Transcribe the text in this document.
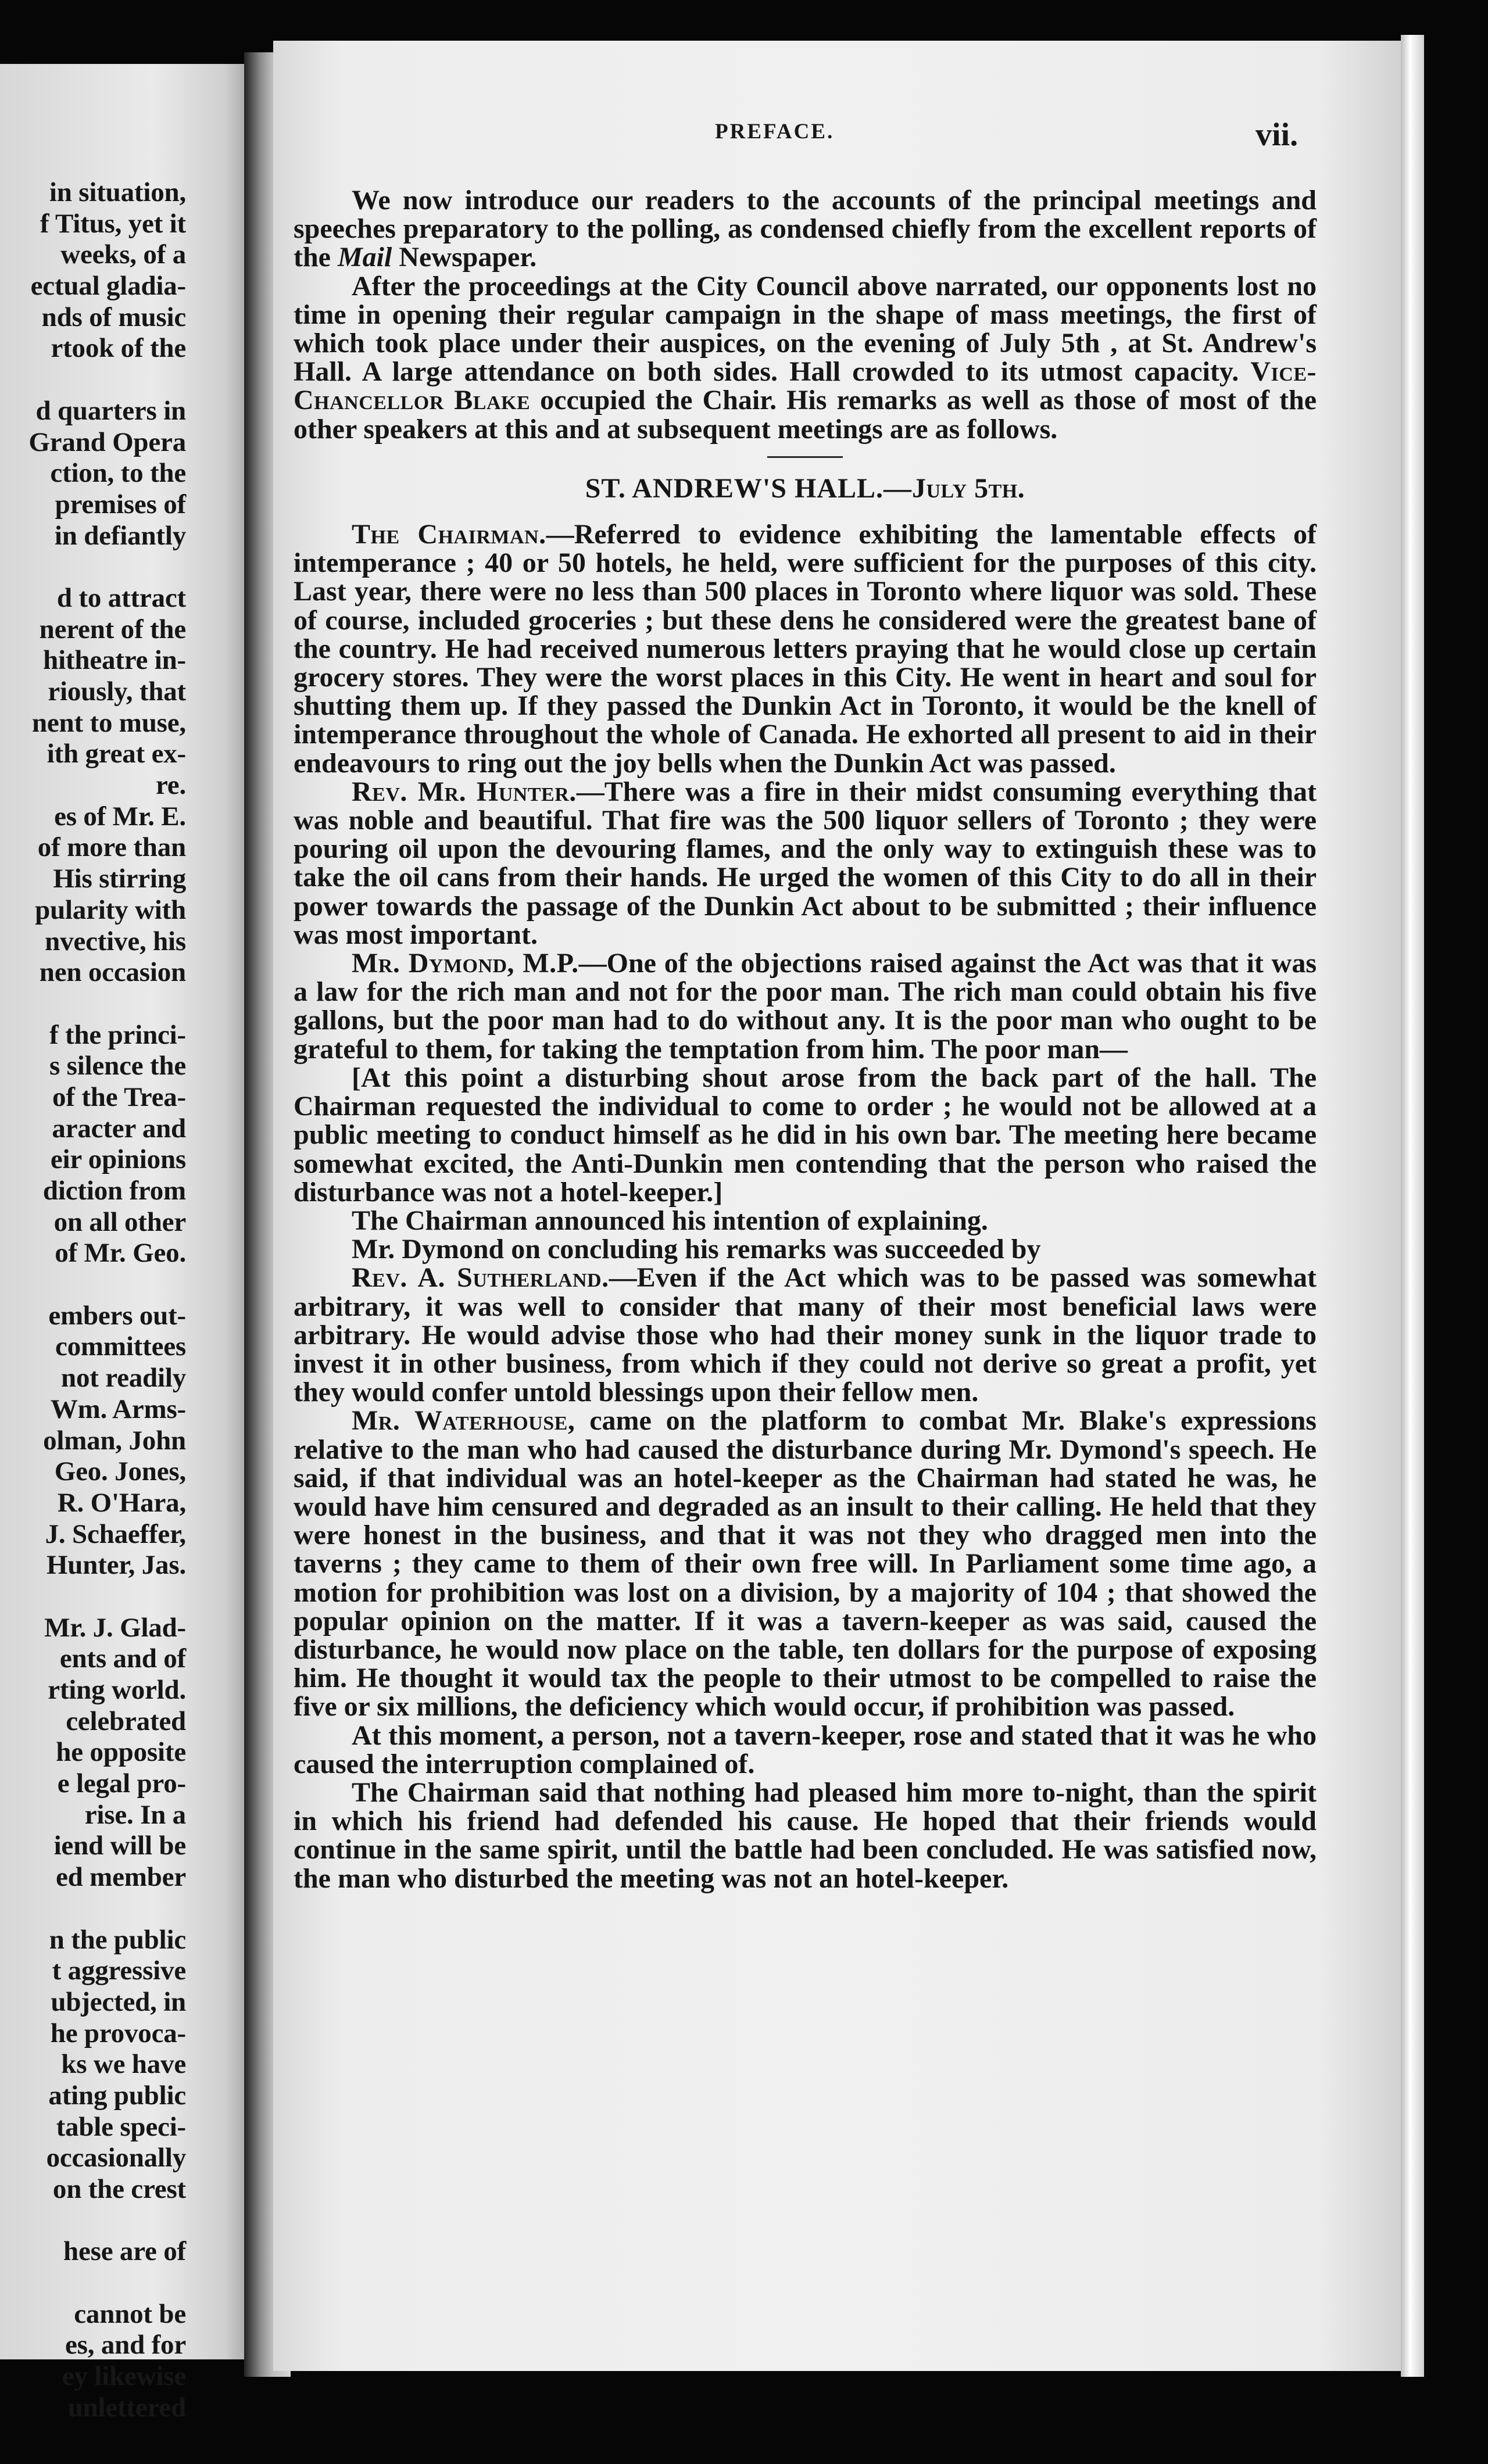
in situation,
f Titus, yet it
weeks, of a
ectual gladia-
nds of music
rtook of the
d quarters in
Grand Opera
ction, to the
premises of
in defiantly
d to attract
nerent of the
hitheatre in-
riously, that
nent to muse,
ith great ex-
re.
es of Mr. E.
of more than
His stirring
pularity with
nvective, his
nen occasion
f the princi-
s silence the
of the Trea-
aracter and
eir opinions
diction from
on all other
of Mr. Geo.
embers out-
committees
not readily
Wm. Arms-
olman, John
Geo. Jones,
R. O'Hara,
J. Schaeffer,
Hunter, Jas.
Mr. J. Glad-
ents and of
rting world.
celebrated
he opposite
e legal pro-
rise. In a
iend will be
ed member
n the public
t aggressive
ubjected, in
he provoca-
ks we have
ating public
table speci-
occasionally
on the crest
hese are of
cannot be
es, and for
ey likewise
unlettered
PREFACE.	vii.

We now introduce our readers to the accounts of the principal meetings and speeches preparatory to the polling, as condensed chiefly from the excellent reports of the Mail Newspaper.

After the proceedings at the City Council above narrated, our opponents lost no time in opening their regular campaign in the shape of mass meetings, the first of which took place under their auspices, on the evening of July 5th , at St. Andrew's Hall. A large attendance on both sides. Hall crowded to its utmost capacity. Vice-Chancellor Blake occupied the Chair. His remarks as well as those of most of the other speakers at this and at subsequent meetings are as follows.

ST. ANDREW'S HALL.—July 5th.

The Chairman.—Referred to evidence exhibiting the lamentable effects of intemperance ; 40 or 50 hotels, he held, were sufficient for the purposes of this city. Last year, there were no less than 500 places in Toronto where liquor was sold. These of course, included groceries ; but these dens he considered were the greatest bane of the country. He had received numerous letters praying that he would close up certain grocery stores. They were the worst places in this City. He went in heart and soul for shutting them up. If they passed the Dunkin Act in Toronto, it would be the knell of intemperance throughout the whole of Canada. He exhorted all present to aid in their endeavours to ring out the joy bells when the Dunkin Act was passed.

Rev. Mr. Hunter.—There was a fire in their midst consuming everything that was noble and beautiful. That fire was the 500 liquor sellers of Toronto ; they were pouring oil upon the devouring flames, and the only way to extinguish these was to take the oil cans from their hands. He urged the women of this City to do all in their power towards the passage of the Dunkin Act about to be submitted ; their influence was most important.

Mr. Dymond, M.P.—One of the objections raised against the Act was that it was a law for the rich man and not for the poor man. The rich man could obtain his five gallons, but the poor man had to do without any. It is the poor man who ought to be grateful to them, for taking the temptation from him. The poor man—

[At this point a disturbing shout arose from the back part of the hall. The Chairman requested the individual to come to order ; he would not be allowed at a public meeting to conduct himself as he did in his own bar. The meeting here became somewhat excited, the Anti-Dunkin men contending that the person who raised the disturbance was not a hotel-keeper.]

The Chairman announced his intention of explaining.

Mr. Dymond on concluding his remarks was succeeded by

Rev. A. Sutherland.—Even if the Act which was to be passed was somewhat arbitrary, it was well to consider that many of their most beneficial laws were arbitrary. He would advise those who had their money sunk in the liquor trade to invest it in other business, from which if they could not derive so great a profit, yet they would confer untold blessings upon their fellow men.

Mr. Waterhouse, came on the platform to combat Mr. Blake's expressions relative to the man who had caused the disturbance during Mr. Dymond's speech. He said, if that individual was an hotel-keeper as the Chairman had stated he was, he would have him censured and degraded as an insult to their calling. He held that they were honest in the business, and that it was not they who dragged men into the taverns ; they came to them of their own free will. In Parliament some time ago, a motion for prohibition was lost on a division, by a majority of 104 ; that showed the popular opinion on the matter. If it was a tavern-keeper as was said, caused the disturbance, he would now place on the table, ten dollars for the purpose of exposing him. He thought it would tax the people to their utmost to be compelled to raise the five or six millions, the deficiency which would occur, if prohibition was passed.

At this moment, a person, not a tavern-keeper, rose and stated that it was he who caused the interruption complained of.

The Chairman said that nothing had pleased him more to-night, than the spirit in which his friend had defended his cause. He hoped that their friends would continue in the same spirit, until the battle had been concluded. He was satisfied now, the man who disturbed the meeting was not an hotel-keeper.
